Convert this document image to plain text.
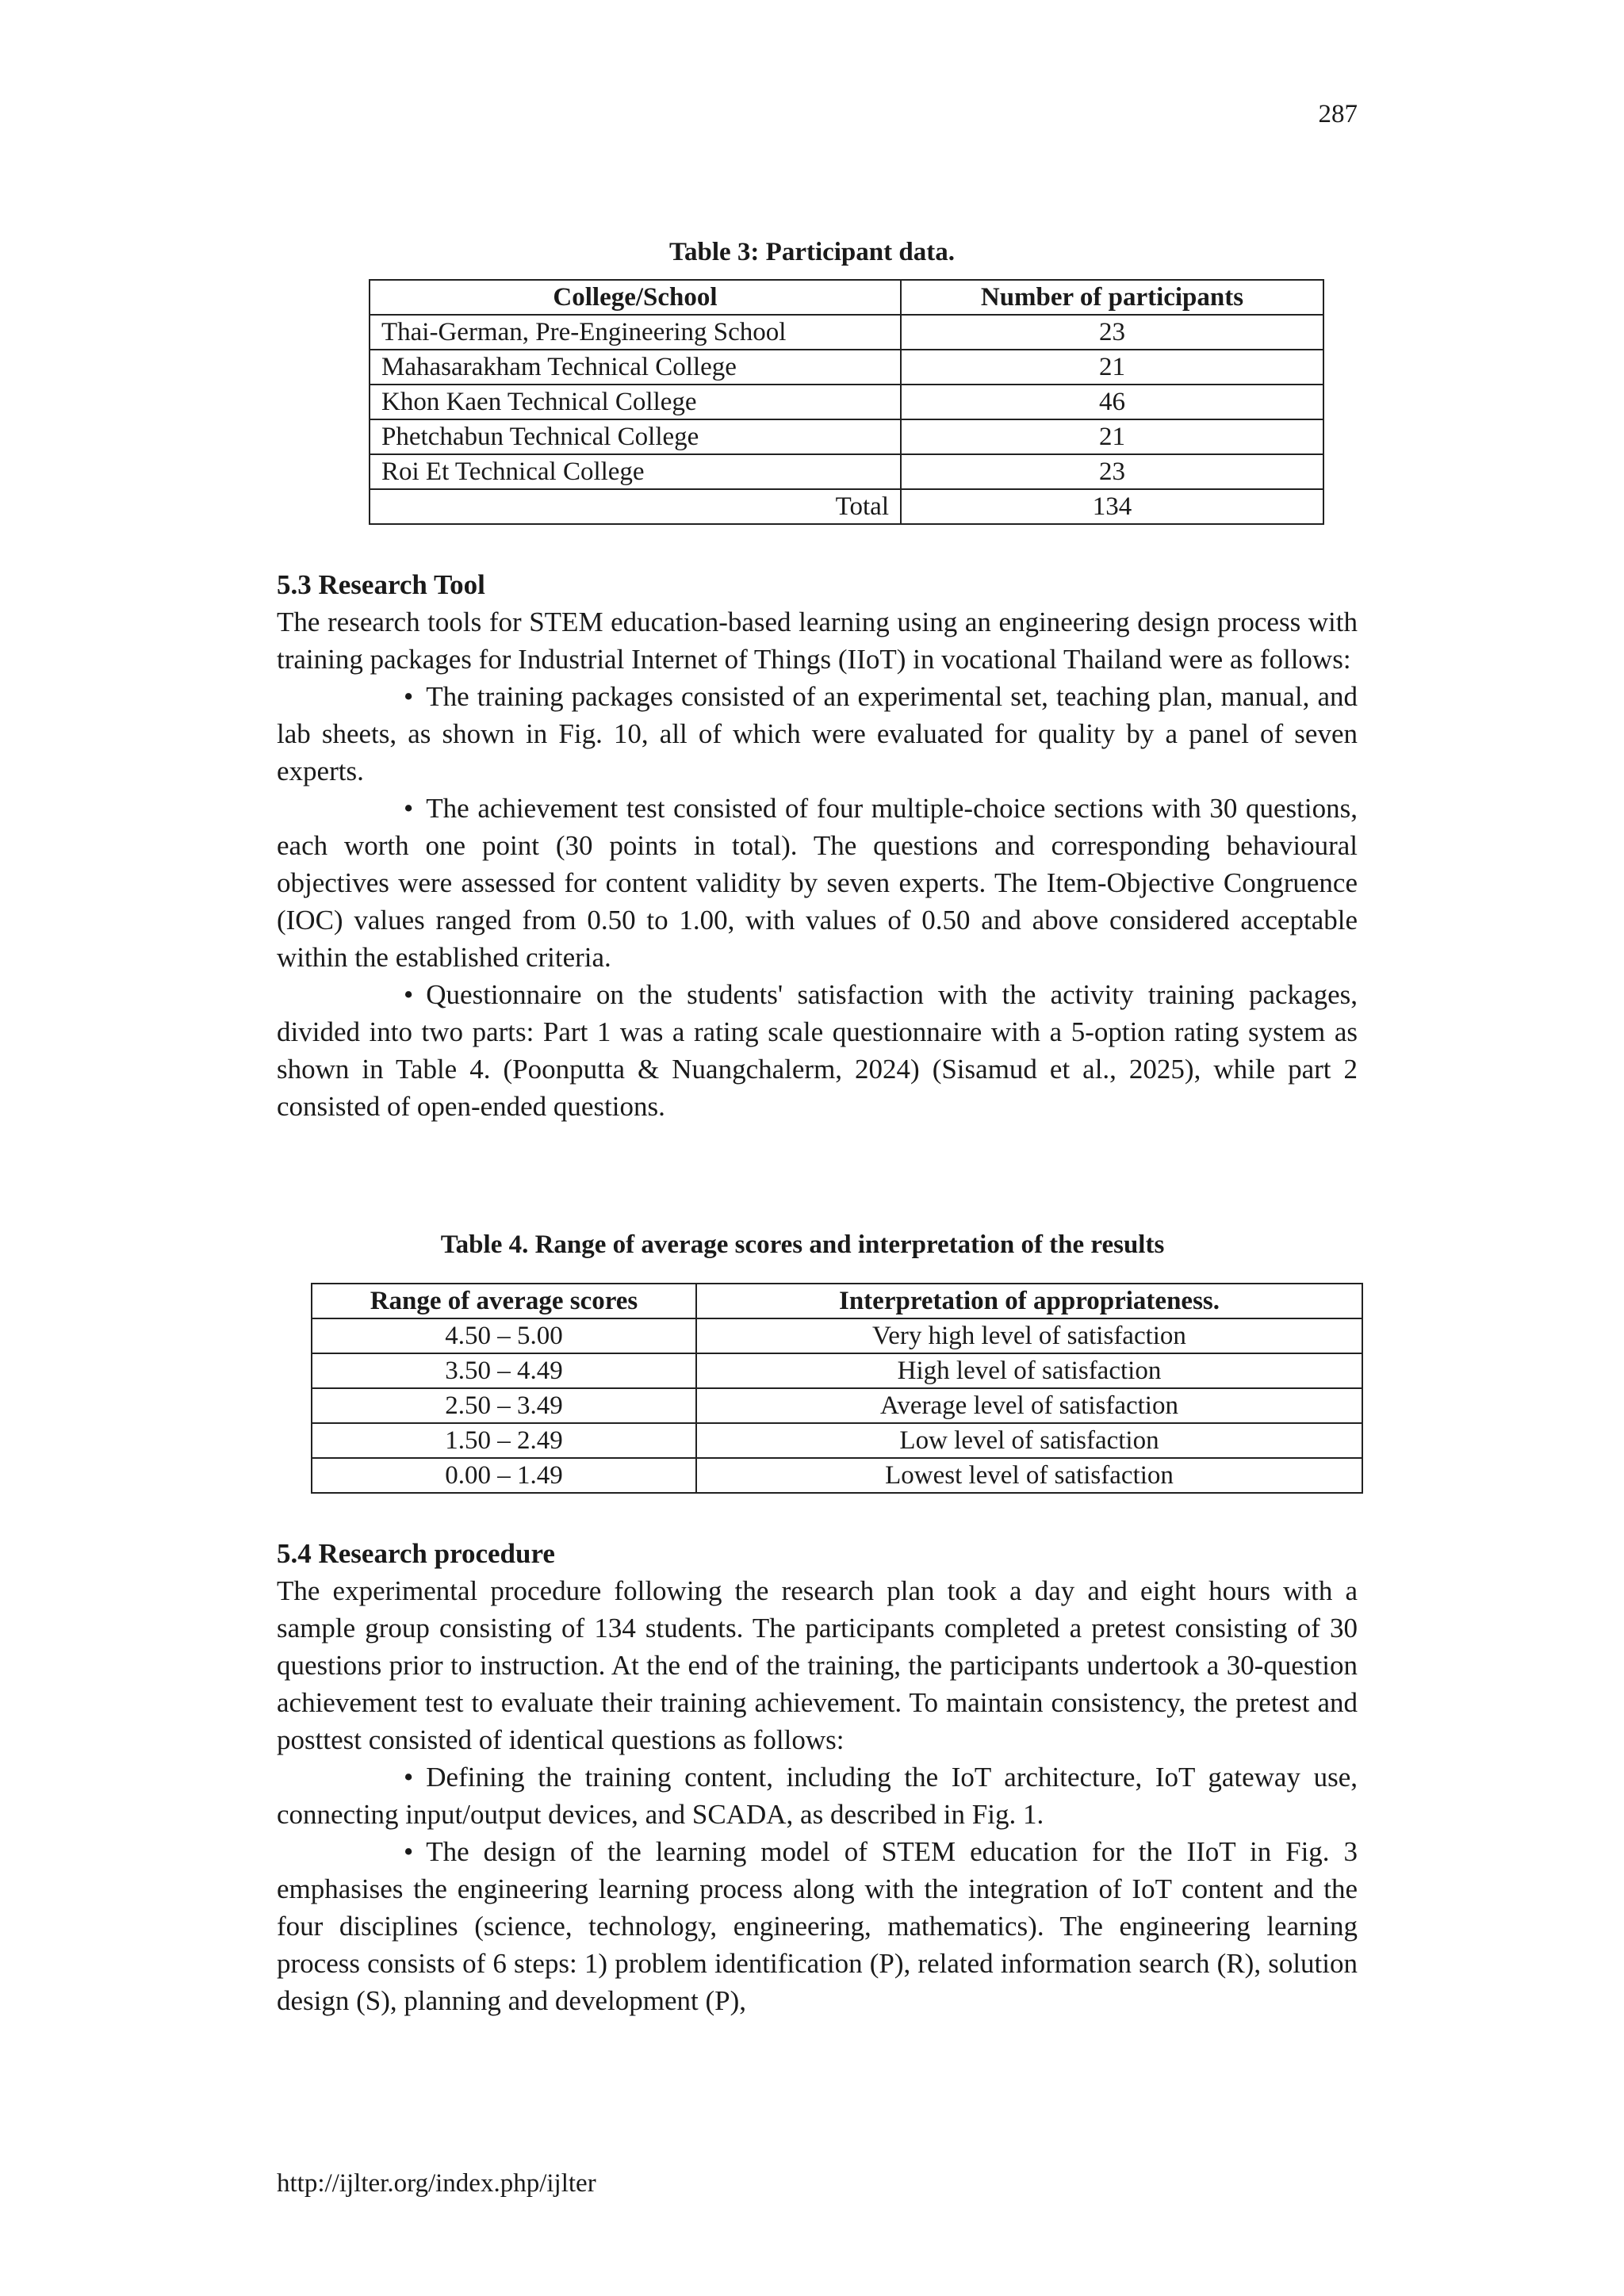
287
Table 3: Participant data.
College/School	Number of participants
Thai-German, Pre-Engineering School	23
Mahasarakham Technical College	21
Khon Kaen Technical College	46
Phetchabun Technical College	21
Roi Et Technical College	23
Total	134

5.3 Research Tool

The research tools for STEM education-based learning using an engineering design process with training packages for Industrial Internet of Things (IIoT) in vocational Thailand were as follows:

• The training packages consisted of an experimental set, teaching plan, manual, and lab sheets, as shown in Fig. 10, all of which were evaluated for quality by a panel of seven experts.

• The achievement test consisted of four multiple-choice sections with 30 questions, each worth one point (30 points in total). The questions and corresponding behavioural objectives were assessed for content validity by seven experts. The Item-Objective Congruence (IOC) values ranged from 0.50 to 1.00, with values of 0.50 and above considered acceptable within the established criteria.

• Questionnaire on the students' satisfaction with the activity training packages, divided into two parts: Part 1 was a rating scale questionnaire with a 5-option rating system as shown in Table 4. (Poonputta & Nuangchalerm, 2024) (Sisamud et al., 2025), while part 2 consisted of open-ended questions.

Table 4. Range of average scores and interpretation of the results
Range of average scores	Interpretation of appropriateness.
4.50 – 5.00	Very high level of satisfaction
3.50 – 4.49	High level of satisfaction
2.50 – 3.49	Average level of satisfaction
1.50 – 2.49	Low level of satisfaction
0.00 – 1.49	Lowest level of satisfaction

5.4 Research procedure

The experimental procedure following the research plan took a day and eight hours with a sample group consisting of 134 students. The participants completed a pretest consisting of 30 questions prior to instruction. At the end of the training, the participants undertook a 30-question achievement test to evaluate their training achievement. To maintain consistency, the pretest and posttest consisted of identical questions as follows:

• Defining the training content, including the IoT architecture, IoT gateway use, connecting input/output devices, and SCADA, as described in Fig. 1.

• The design of the learning model of STEM education for the IIoT in Fig. 3 emphasises the engineering learning process along with the integration of IoT content and the four disciplines (science, technology, engineering, mathematics). The engineering learning process consists of 6 steps: 1) problem identification (P), related information search (R), solution design (S), planning and development (P),

http://ijlter.org/index.php/ijlter
